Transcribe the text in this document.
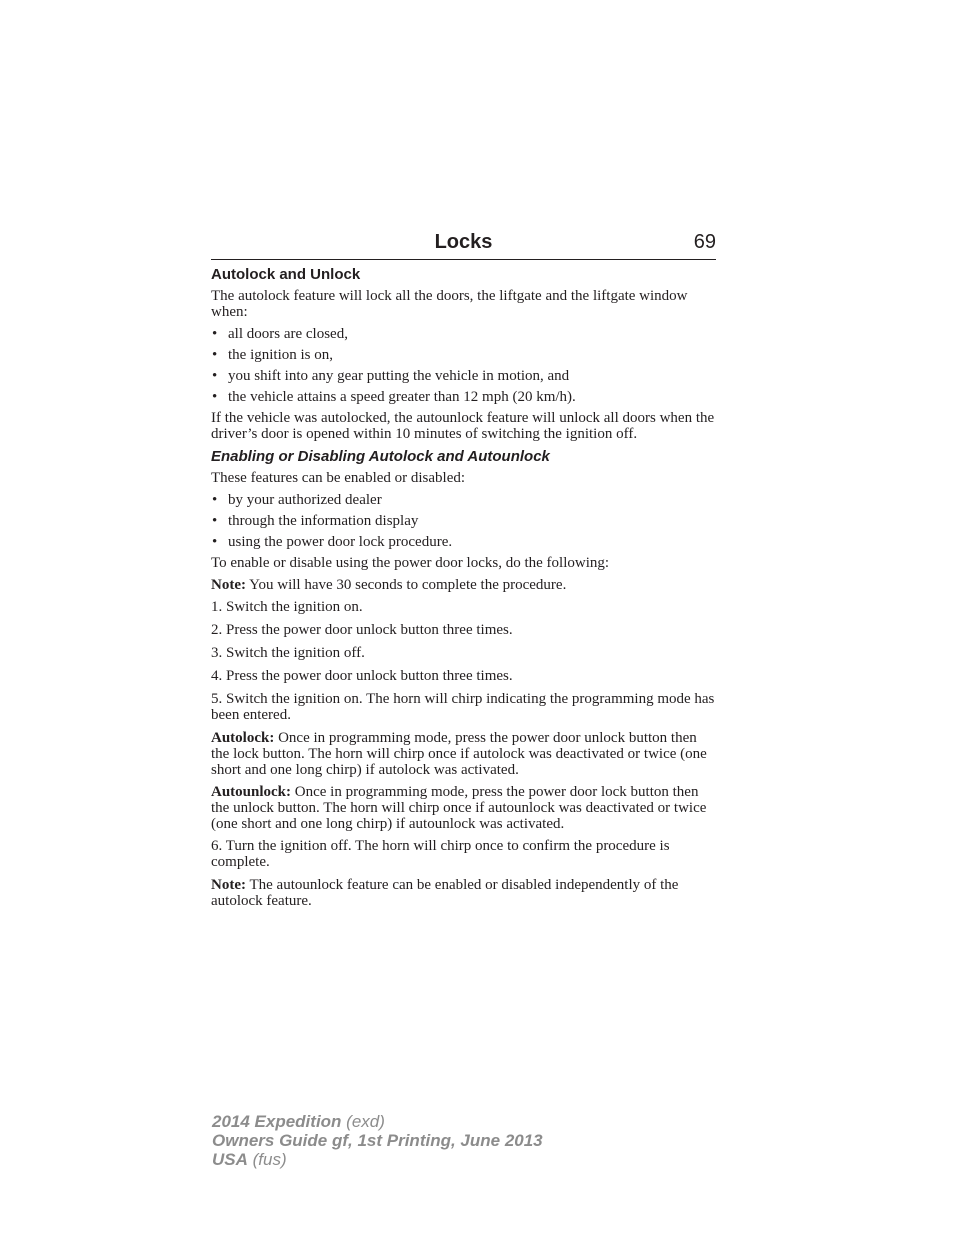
Locks	69
Autolock and Unlock

The autolock feature will lock all the doors, the liftgate and the liftgate window when:

• all doors are closed,
• the ignition is on,
• you shift into any gear putting the vehicle in motion, and
• the vehicle attains a speed greater than 12 mph (20 km/h).

If the vehicle was autolocked, the autounlock feature will unlock all doors when the driver’s door is opened within 10 minutes of switching the ignition off.

Enabling or Disabling Autolock and Autounlock

These features can be enabled or disabled:

• by your authorized dealer
• through the information display
• using the power door lock procedure.

To enable or disable using the power door locks, do the following:

Note: You will have 30 seconds to complete the procedure.

1. Switch the ignition on.
2. Press the power door unlock button three times.
3. Switch the ignition off.
4. Press the power door unlock button three times.
5. Switch the ignition on. The horn will chirp indicating the programming mode has been entered.

Autolock: Once in programming mode, press the power door unlock button then the lock button. The horn will chirp once if autolock was deactivated or twice (one short and one long chirp) if autolock was activated.

Autounlock: Once in programming mode, press the power door lock button then the unlock button. The horn will chirp once if autounlock was deactivated or twice (one short and one long chirp) if autounlock was activated.

6. Turn the ignition off. The horn will chirp once to confirm the procedure is complete.

Note: The autounlock feature can be enabled or disabled independently of the autolock feature.

2014 Expedition (exd)
Owners Guide gf, 1st Printing, June 2013
USA (fus)
